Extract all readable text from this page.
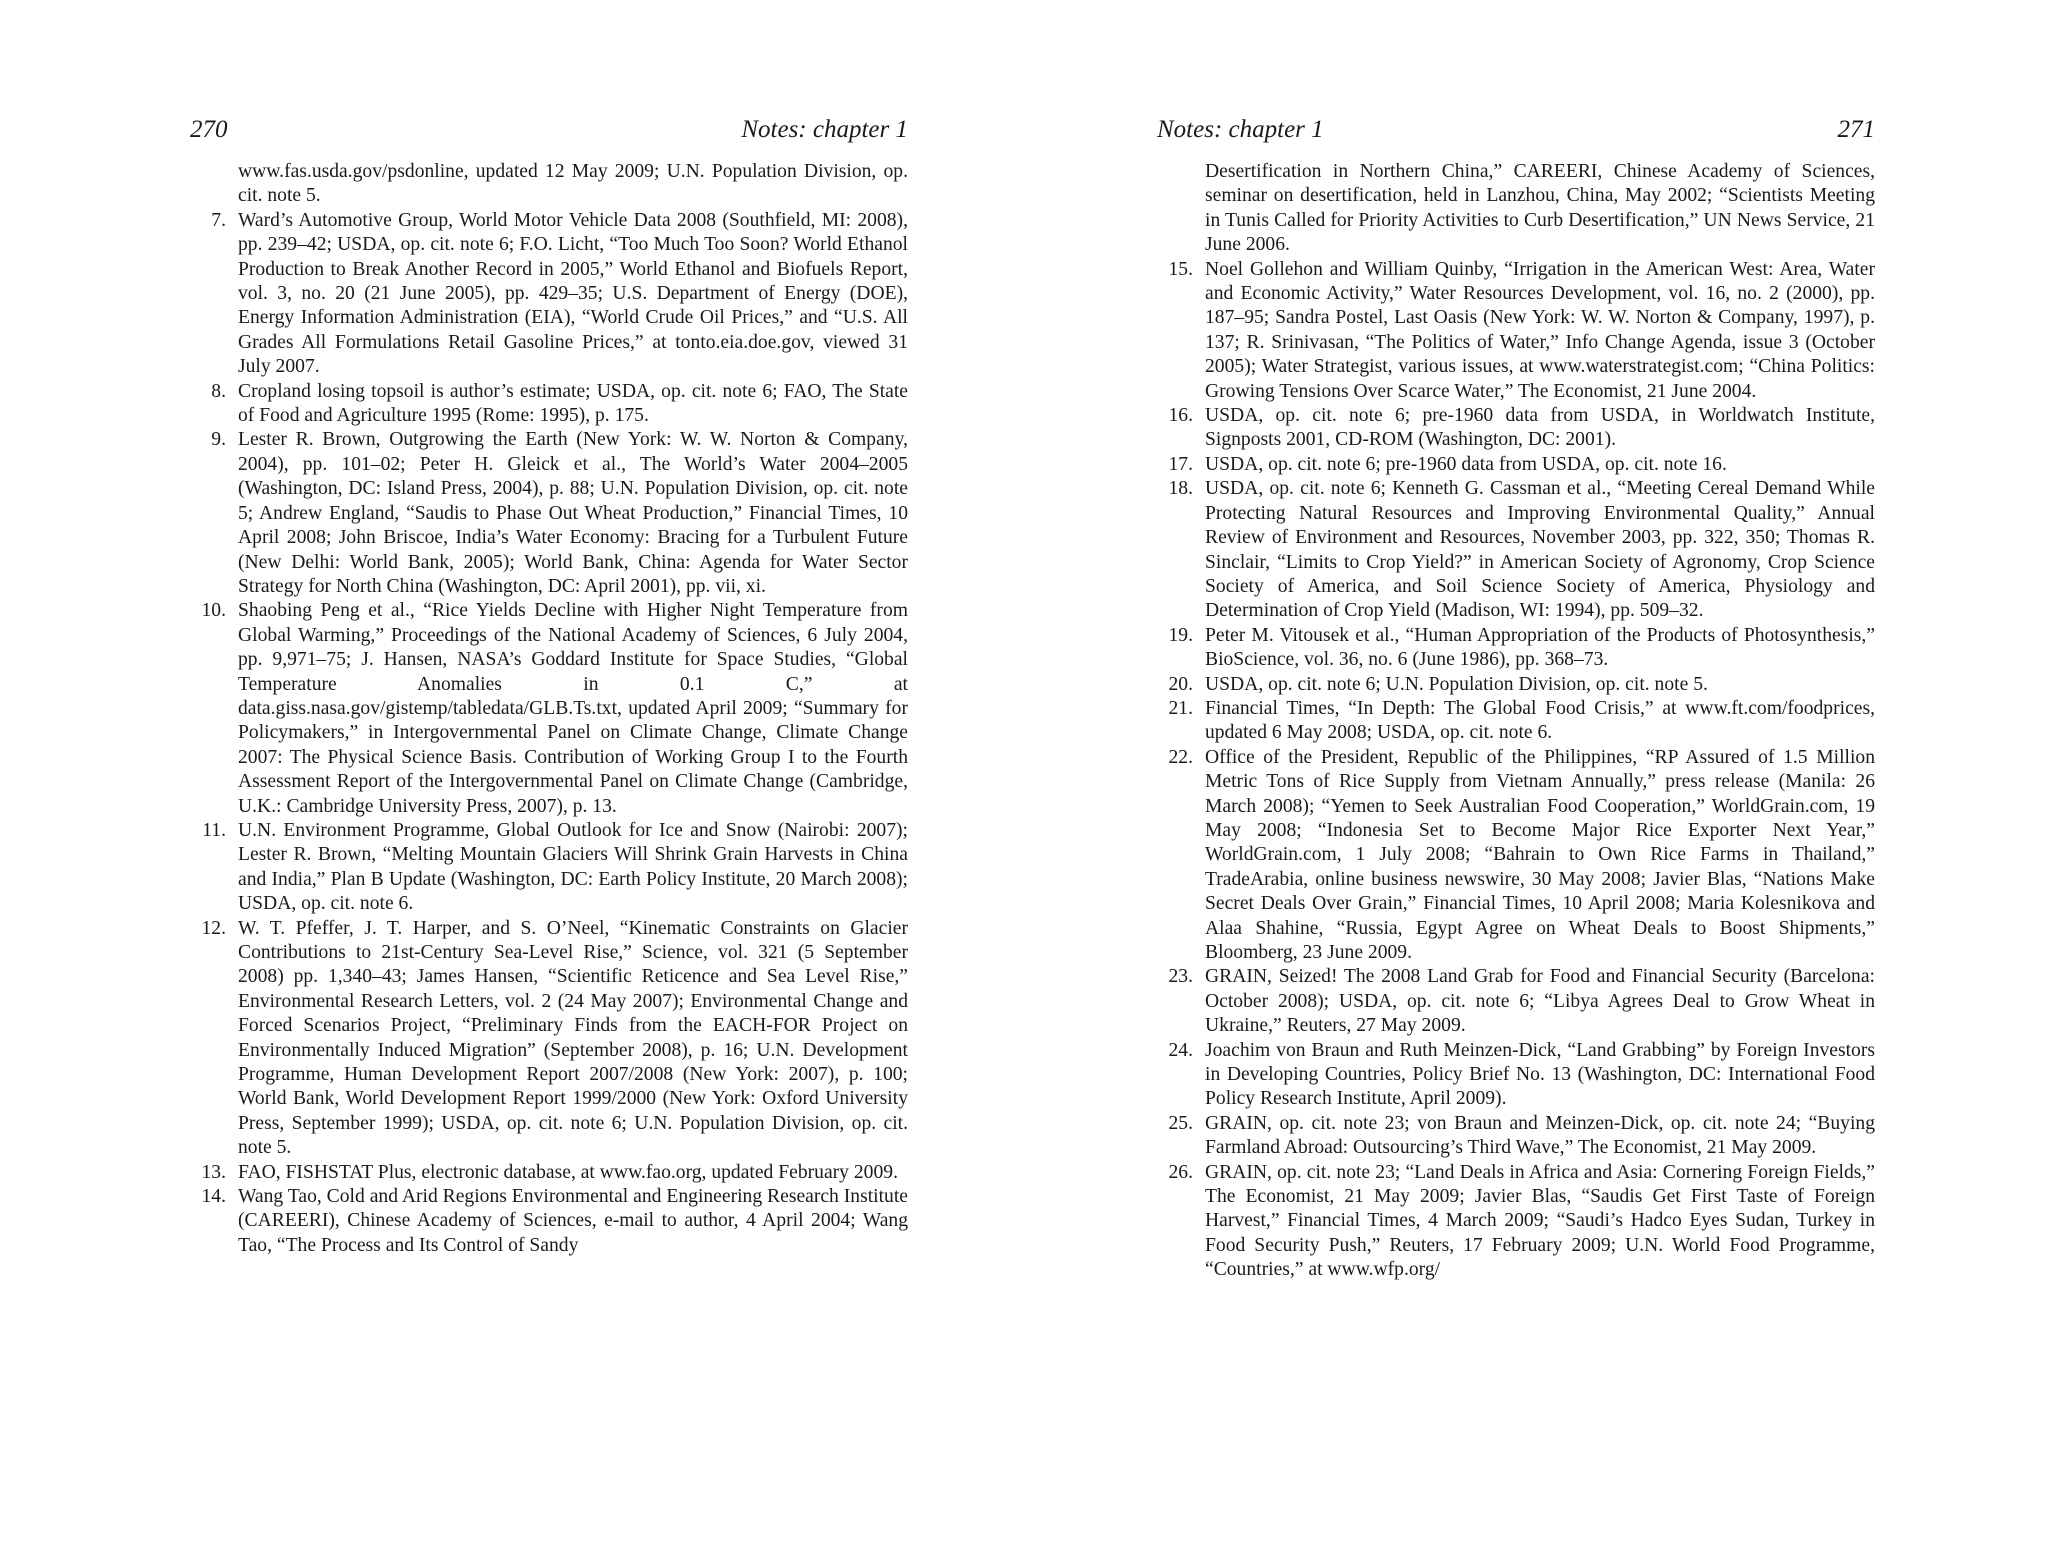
270	Notes: chapter 1
www.fas.usda.gov/psdonline, updated 12 May 2009; U.N. Population Division, op. cit. note 5.
7. Ward’s Automotive Group, World Motor Vehicle Data 2008 (Southfield, MI: 2008), pp. 239–42; USDA, op. cit. note 6; F.O. Licht, “Too Much Too Soon? World Ethanol Production to Break Another Record in 2005,” World Ethanol and Biofuels Report, vol. 3, no. 20 (21 June 2005), pp. 429–35; U.S. Department of Energy (DOE), Energy Information Administration (EIA), “World Crude Oil Prices,” and “U.S. All Grades All Formulations Retail Gasoline Prices,” at tonto.eia.doe.gov, viewed 31 July 2007.
8. Cropland losing topsoil is author’s estimate; USDA, op. cit. note 6; FAO, The State of Food and Agriculture 1995 (Rome: 1995), p. 175.
9. Lester R. Brown, Outgrowing the Earth (New York: W. W. Norton & Company, 2004), pp. 101–02; Peter H. Gleick et al., The World’s Water 2004–2005 (Washington, DC: Island Press, 2004), p. 88; U.N. Population Division, op. cit. note 5; Andrew England, “Saudis to Phase Out Wheat Production,” Financial Times, 10 April 2008; John Briscoe, India’s Water Economy: Bracing for a Turbulent Future (New Delhi: World Bank, 2005); World Bank, China: Agenda for Water Sector Strategy for North China (Washington, DC: April 2001), pp. vii, xi.
10. Shaobing Peng et al., “Rice Yields Decline with Higher Night Temperature from Global Warming,” Proceedings of the National Academy of Sciences, 6 July 2004, pp. 9,971–75; J. Hansen, NASA’s Goddard Institute for Space Studies, “Global Temperature Anomalies in 0.1 C,” at data.giss.nasa.gov/gistemp/tabledata/GLB.Ts.txt, updated April 2009; “Summary for Policymakers,” in Intergovernmental Panel on Climate Change, Climate Change 2007: The Physical Science Basis. Contribution of Working Group I to the Fourth Assessment Report of the Intergovernmental Panel on Climate Change (Cambridge, U.K.: Cambridge University Press, 2007), p. 13.
11. U.N. Environment Programme, Global Outlook for Ice and Snow (Nairobi: 2007); Lester R. Brown, “Melting Mountain Glaciers Will Shrink Grain Harvests in China and India,” Plan B Update (Washington, DC: Earth Policy Institute, 20 March 2008); USDA, op. cit. note 6.
12. W. T. Pfeffer, J. T. Harper, and S. O’Neel, “Kinematic Constraints on Glacier Contributions to 21st-Century Sea-Level Rise,” Science, vol. 321 (5 September 2008) pp. 1,340–43; James Hansen, “Scientific Reticence and Sea Level Rise,” Environmental Research Letters, vol. 2 (24 May 2007); Environmental Change and Forced Scenarios Project, “Preliminary Finds from the EACH-FOR Project on Environmentally Induced Migration” (September 2008), p. 16; U.N. Development Programme, Human Development Report 2007/2008 (New York: 2007), p. 100; World Bank, World Development Report 1999/2000 (New York: Oxford University Press, September 1999); USDA, op. cit. note 6; U.N. Population Division, op. cit. note 5.
13. FAO, FISHSTAT Plus, electronic database, at www.fao.org, updated February 2009.
14. Wang Tao, Cold and Arid Regions Environmental and Engineering Research Institute (CAREERI), Chinese Academy of Sciences, e-mail to author, 4 April 2004; Wang Tao, “The Process and Its Control of Sandy
Notes: chapter 1	271
Desertification in Northern China,” CAREERI, Chinese Academy of Sciences, seminar on desertification, held in Lanzhou, China, May 2002; “Scientists Meeting in Tunis Called for Priority Activities to Curb Desertification,” UN News Service, 21 June 2006.
15. Noel Gollehon and William Quinby, “Irrigation in the American West: Area, Water and Economic Activity,” Water Resources Development, vol. 16, no. 2 (2000), pp. 187–95; Sandra Postel, Last Oasis (New York: W. W. Norton & Company, 1997), p. 137; R. Srinivasan, “The Politics of Water,” Info Change Agenda, issue 3 (October 2005); Water Strategist, various issues, at www.waterstrategist.com; “China Politics: Growing Tensions Over Scarce Water,” The Economist, 21 June 2004.
16. USDA, op. cit. note 6; pre-1960 data from USDA, in Worldwatch Institute, Signposts 2001, CD-ROM (Washington, DC: 2001).
17. USDA, op. cit. note 6; pre-1960 data from USDA, op. cit. note 16.
18. USDA, op. cit. note 6; Kenneth G. Cassman et al., “Meeting Cereal Demand While Protecting Natural Resources and Improving Environmental Quality,” Annual Review of Environment and Resources, November 2003, pp. 322, 350; Thomas R. Sinclair, “Limits to Crop Yield?” in American Society of Agronomy, Crop Science Society of America, and Soil Science Society of America, Physiology and Determination of Crop Yield (Madison, WI: 1994), pp. 509–32.
19. Peter M. Vitousek et al., “Human Appropriation of the Products of Photosynthesis,” BioScience, vol. 36, no. 6 (June 1986), pp. 368–73.
20. USDA, op. cit. note 6; U.N. Population Division, op. cit. note 5.
21. Financial Times, “In Depth: The Global Food Crisis,” at www.ft.com/foodprices, updated 6 May 2008; USDA, op. cit. note 6.
22. Office of the President, Republic of the Philippines, “RP Assured of 1.5 Million Metric Tons of Rice Supply from Vietnam Annually,” press release (Manila: 26 March 2008); “Yemen to Seek Australian Food Cooperation,” WorldGrain.com, 19 May 2008; “Indonesia Set to Become Major Rice Exporter Next Year,” WorldGrain.com, 1 July 2008; “Bahrain to Own Rice Farms in Thailand,” TradeArabia, online business newswire, 30 May 2008; Javier Blas, “Nations Make Secret Deals Over Grain,” Financial Times, 10 April 2008; Maria Kolesnikova and Alaa Shahine, “Russia, Egypt Agree on Wheat Deals to Boost Shipments,” Bloomberg, 23 June 2009.
23. GRAIN, Seized! The 2008 Land Grab for Food and Financial Security (Barcelona: October 2008); USDA, op. cit. note 6; “Libya Agrees Deal to Grow Wheat in Ukraine,” Reuters, 27 May 2009.
24. Joachim von Braun and Ruth Meinzen-Dick, “Land Grabbing” by Foreign Investors in Developing Countries, Policy Brief No. 13 (Washington, DC: International Food Policy Research Institute, April 2009).
25. GRAIN, op. cit. note 23; von Braun and Meinzen-Dick, op. cit. note 24; “Buying Farmland Abroad: Outsourcing’s Third Wave,” The Economist, 21 May 2009.
26. GRAIN, op. cit. note 23; “Land Deals in Africa and Asia: Cornering Foreign Fields,” The Economist, 21 May 2009; Javier Blas, “Saudis Get First Taste of Foreign Harvest,” Financial Times, 4 March 2009; “Saudi’s Hadco Eyes Sudan, Turkey in Food Security Push,” Reuters, 17 February 2009; U.N. World Food Programme, “Countries,” at www.wfp.org/
